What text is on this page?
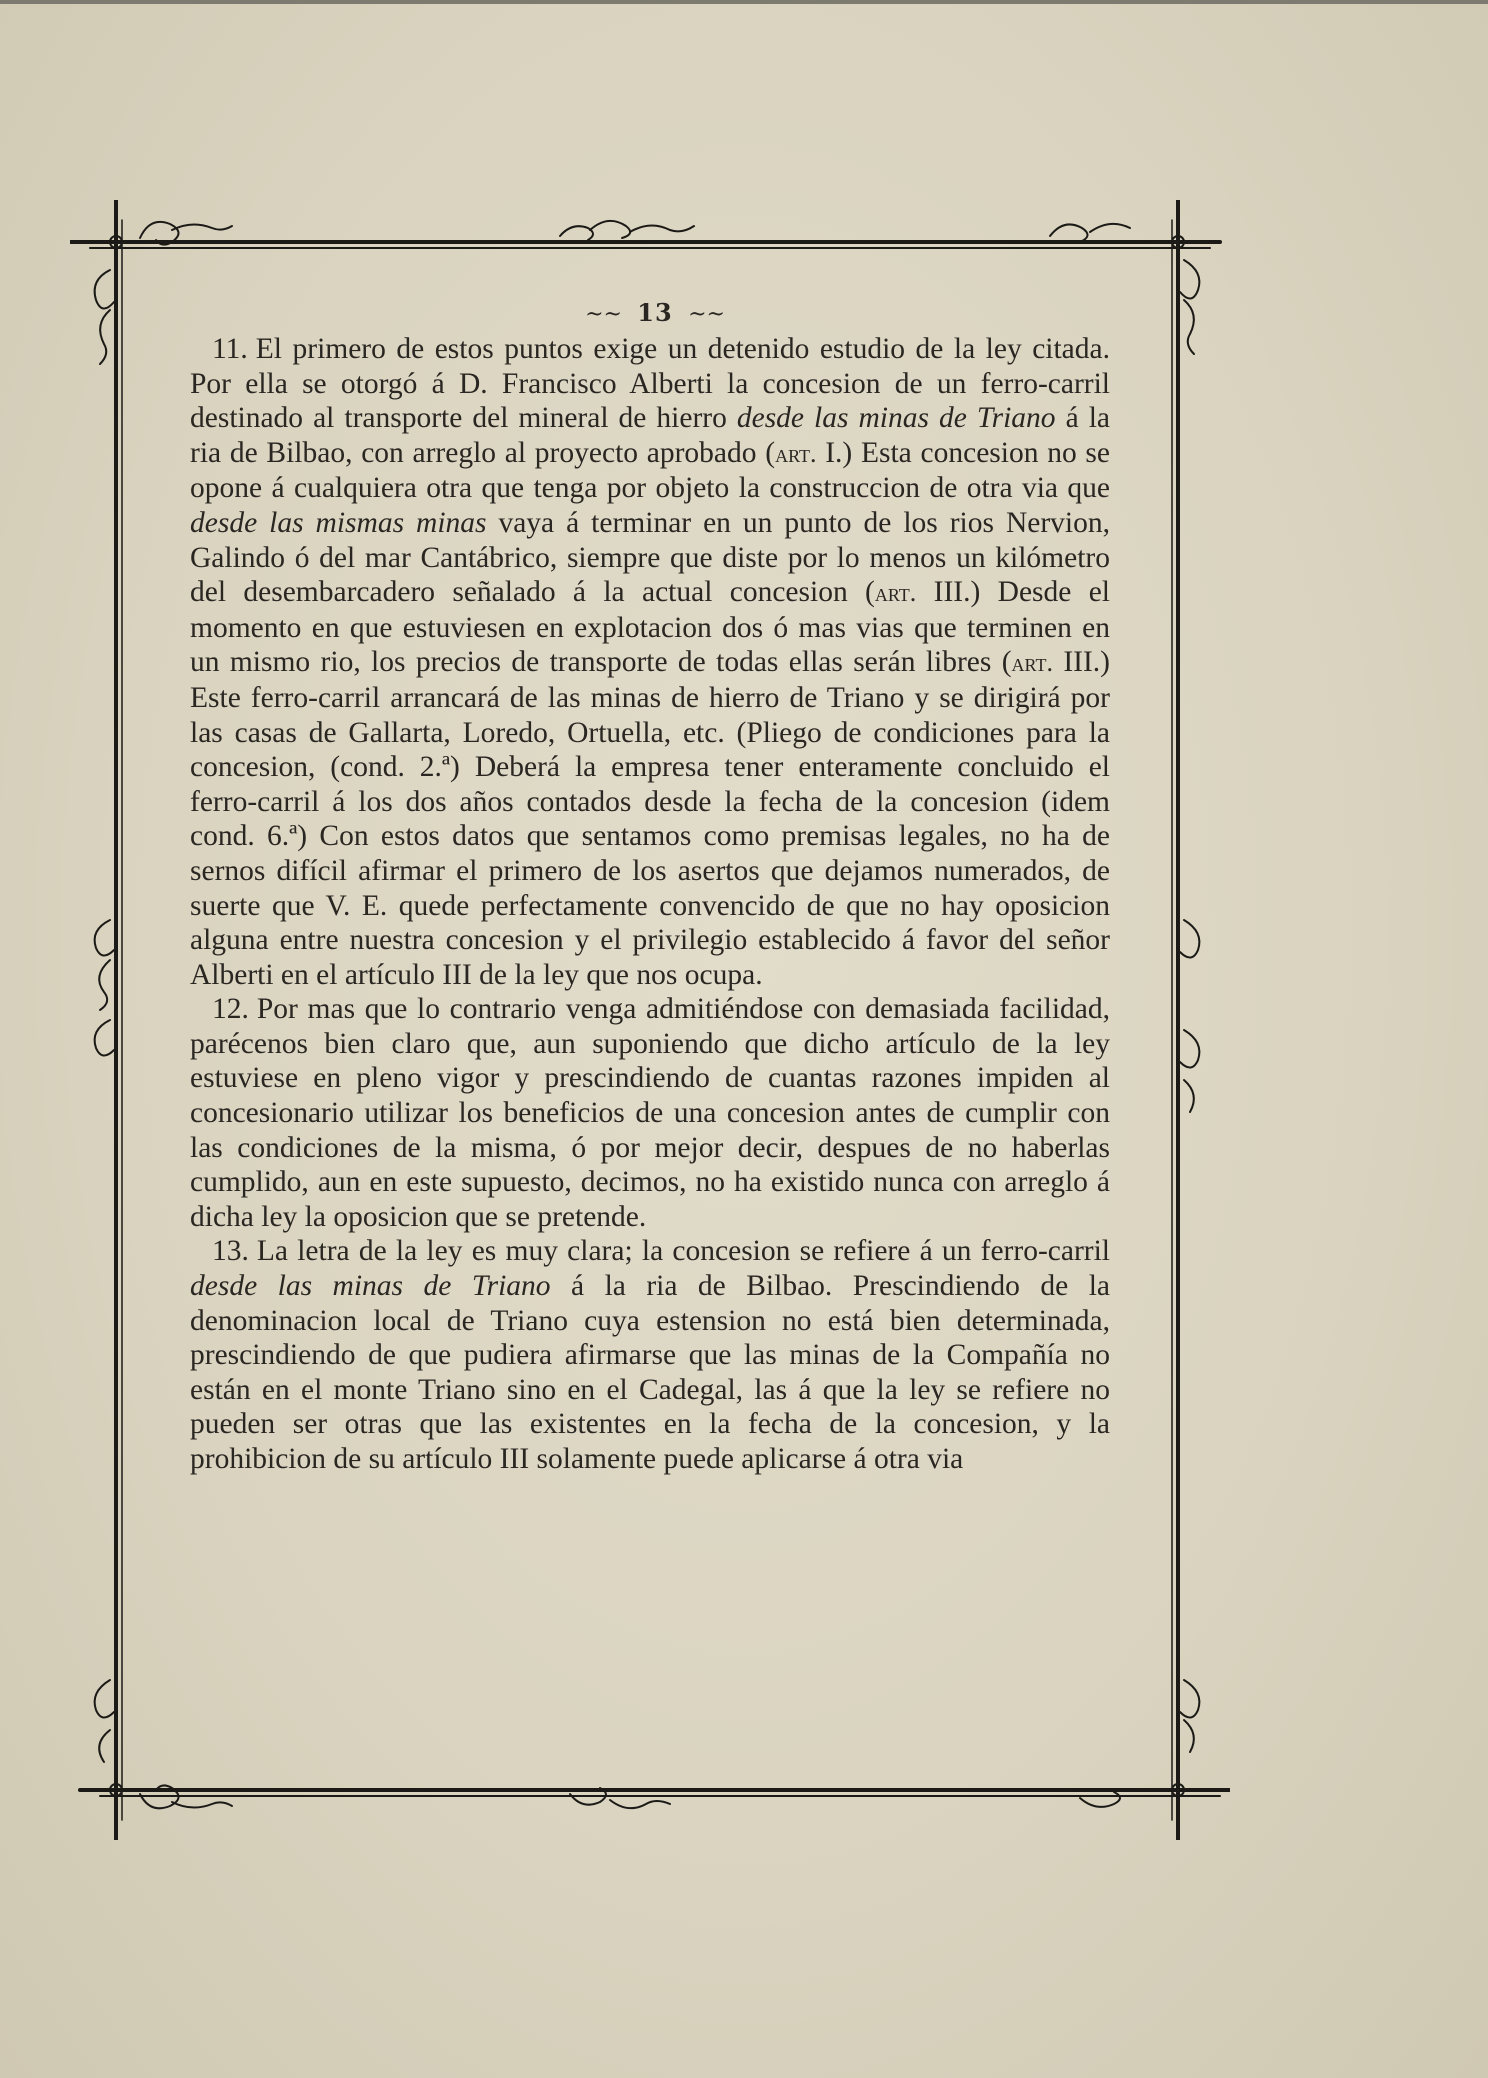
~~ 13 ~~

11. El primero de estos puntos exige un detenido estudio de la ley citada. Por ella se otorgó á D. Francisco Alberti la concesion de un ferro-carril destinado al transporte del mineral de hierro desde las minas de Triano á la ria de Bilbao, con arreglo al proyecto aprobado (art. I.) Esta concesion no se opone á cualquiera otra que tenga por objeto la construccion de otra via que desde las mismas minas vaya á terminar en un punto de los rios Nervion, Galindo ó del mar Cantábrico, siempre que diste por lo menos un kilómetro del desembarcadero señalado á la actual concesion (art. III.) Desde el momento en que estuviesen en explotacion dos ó mas vias que terminen en un mismo rio, los precios de transporte de todas ellas serán libres (art. III.) Este ferro-carril arrancará de las minas de hierro de Triano y se dirigirá por las casas de Gallarta, Loredo, Ortuella, etc. (Pliego de condiciones para la concesion, (cond. 2.ª) Deberá la empresa tener enteramente concluido el ferro-carril á los dos años contados desde la fecha de la concesion (idem cond. 6.ª) Con estos datos que sentamos como premisas legales, no ha de sernos difícil afirmar el primero de los asertos que dejamos numerados, de suerte que V. E. quede perfectamente convencido de que no hay oposicion alguna entre nuestra concesion y el privilegio establecido á favor del señor Alberti en el artículo III de la ley que nos ocupa.

12. Por mas que lo contrario venga admitiéndose con demasiada facilidad, parécenos bien claro que, aun suponiendo que dicho artículo de la ley estuviese en pleno vigor y prescindiendo de cuantas razones impiden al concesionario utilizar los beneficios de una concesion antes de cumplir con las condiciones de la misma, ó por mejor decir, despues de no haberlas cumplido, aun en este supuesto, decimos, no ha existido nunca con arreglo á dicha ley la oposicion que se pretende.

13. La letra de la ley es muy clara; la concesion se refiere á un ferro-carril desde las minas de Triano á la ria de Bilbao. Prescindiendo de la denominacion local de Triano cuya estension no está bien determinada, prescindiendo de que pudiera afirmarse que las minas de la Compañía no están en el monte Triano sino en el Cadegal, las á que la ley se refiere no pueden ser otras que las existentes en la fecha de la concesion, y la prohibicion de su artículo III solamente puede aplicarse á otra via
